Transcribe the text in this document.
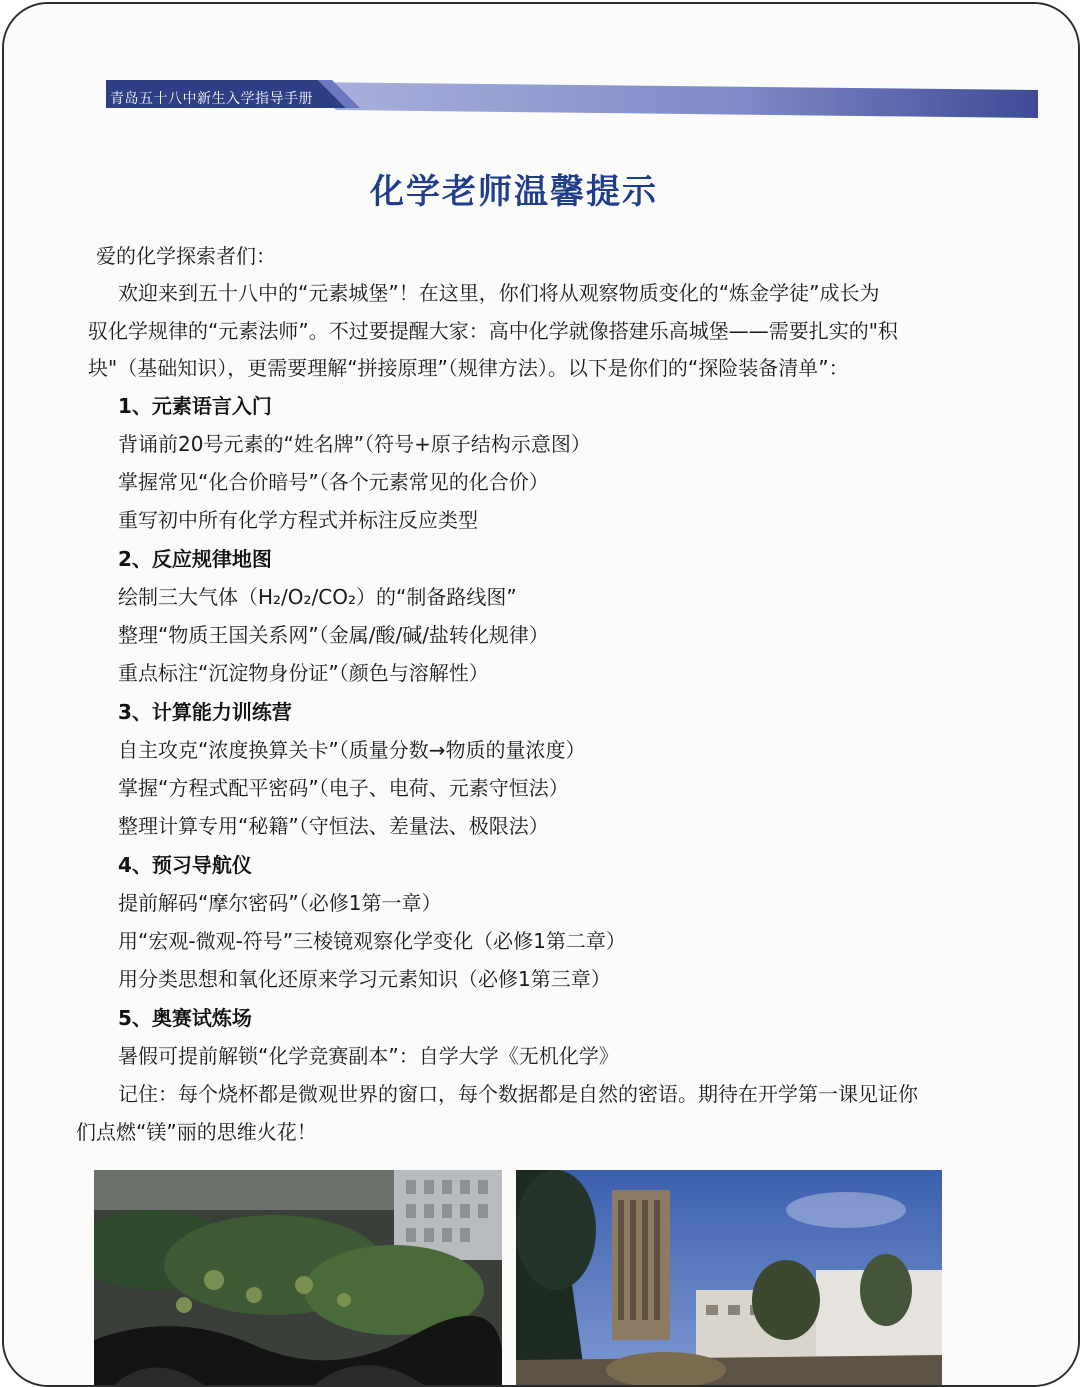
青岛五十八中新生入学指导手册
化学老师温馨提示
爱的化学探索者们：
欢迎来到五十八中的“元素城堡”！在这里，你们将从观察物质变化的“炼金学徒”成长为
驭化学规律的“元素法师”。不过要提醒大家：高中化学就像搭建乐高城堡——需要扎实的"积
块"（基础知识），更需要理解“拼接原理”（规律方法）。以下是你们的“探险装备清单”：
1、元素语言入门
背诵前20号元素的“姓名牌”（符号+原子结构示意图）
掌握常见“化合价暗号”（各个元素常见的化合价）
重写初中所有化学方程式并标注反应类型
2、反应规律地图
绘制三大气体（H₂/O₂/CO₂）的“制备路线图”
整理“物质王国关系网”（金属/酸/碱/盐转化规律）
重点标注“沉淀物身份证”（颜色与溶解性）
3、计算能力训练营
自主攻克“浓度换算关卡”（质量分数→物质的量浓度）
掌握“方程式配平密码”（电子、电荷、元素守恒法）
整理计算专用“秘籍”（守恒法、差量法、极限法）
4、预习导航仪
提前解码“摩尔密码”（必修1第一章）
用“宏观-微观-符号”三棱镜观察化学变化（必修1第二章）
用分类思想和氧化还原来学习元素知识（必修1第三章）
5、奥赛试炼场
暑假可提前解锁“化学竞赛副本”：自学大学《无机化学》
记住：每个烧杯都是微观世界的窗口，每个数据都是自然的密语。期待在开学第一课见证你
们点燃“镁”丽的思维火花！
